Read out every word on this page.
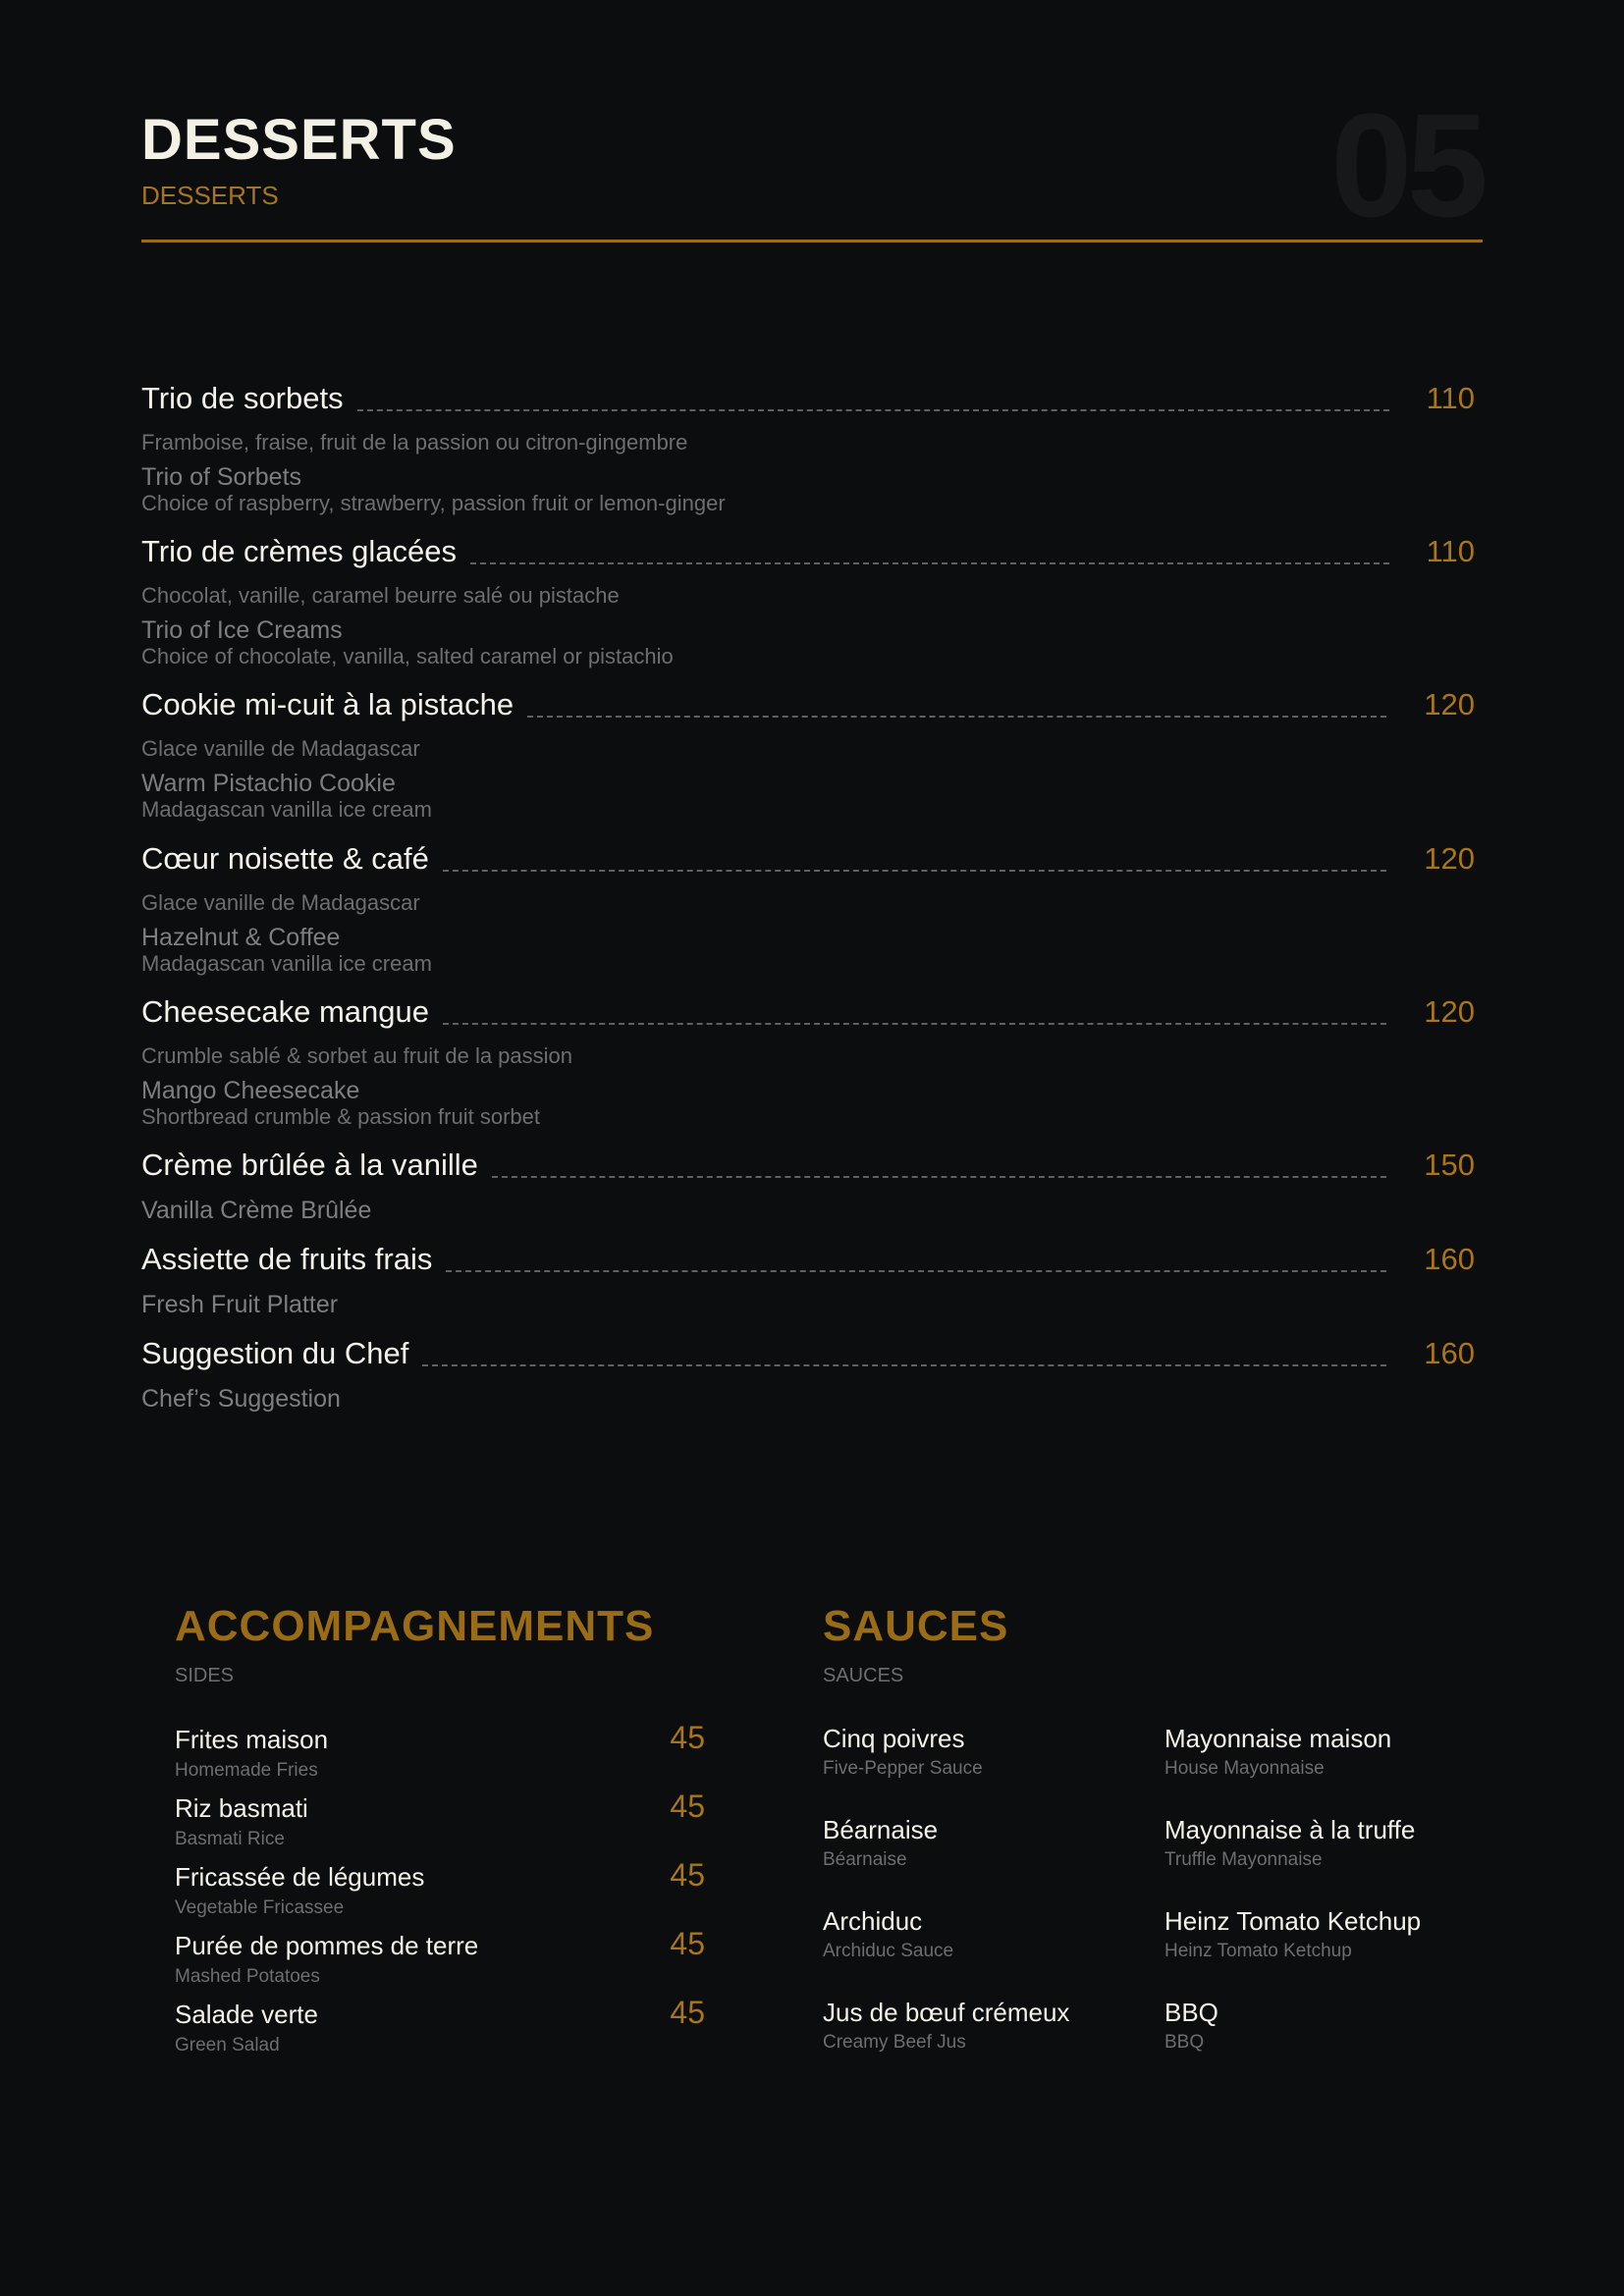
DESSERTS
DESSERTS	05
Trio de sorbets	110
Framboise, fraise, fruit de la passion ou citron-gingembre
Trio of Sorbets
Choice of raspberry, strawberry, passion fruit or lemon-ginger
Trio de crèmes glacées	110
Chocolat, vanille, caramel beurre salé ou pistache
Trio of Ice Creams
Choice of chocolate, vanilla, salted caramel or pistachio
Cookie mi-cuit à la pistache	120
Glace vanille de Madagascar
Warm Pistachio Cookie
Madagascan vanilla ice cream
Cœur noisette & café	120
Glace vanille de Madagascar
Hazelnut & Coffee
Madagascan vanilla ice cream
Cheesecake mangue	120
Crumble sablé & sorbet au fruit de la passion
Mango Cheesecake
Shortbread crumble & passion fruit sorbet
Crème brûlée à la vanille	150
Vanilla Crème Brûlée
Assiette de fruits frais	160
Fresh Fruit Platter
Suggestion du Chef	160
Chef’s Suggestion
ACCOMPAGNEMENTS
SIDES
Frites maison	45
Homemade Fries
Riz basmati	45
Basmati Rice
Fricassée de légumes	45
Vegetable Fricassee
Purée de pommes de terre	45
Mashed Potatoes
Salade verte	45
Green Salad
SAUCES
SAUCES
Cinq poivres
Five-Pepper Sauce
Mayonnaise maison
House Mayonnaise
Béarnaise
Béarnaise
Mayonnaise à la truffe
Truffle Mayonnaise
Archiduc
Archiduc Sauce
Heinz Tomato Ketchup
Heinz Tomato Ketchup
Jus de bœuf crémeux
Creamy Beef Jus
BBQ
BBQ
